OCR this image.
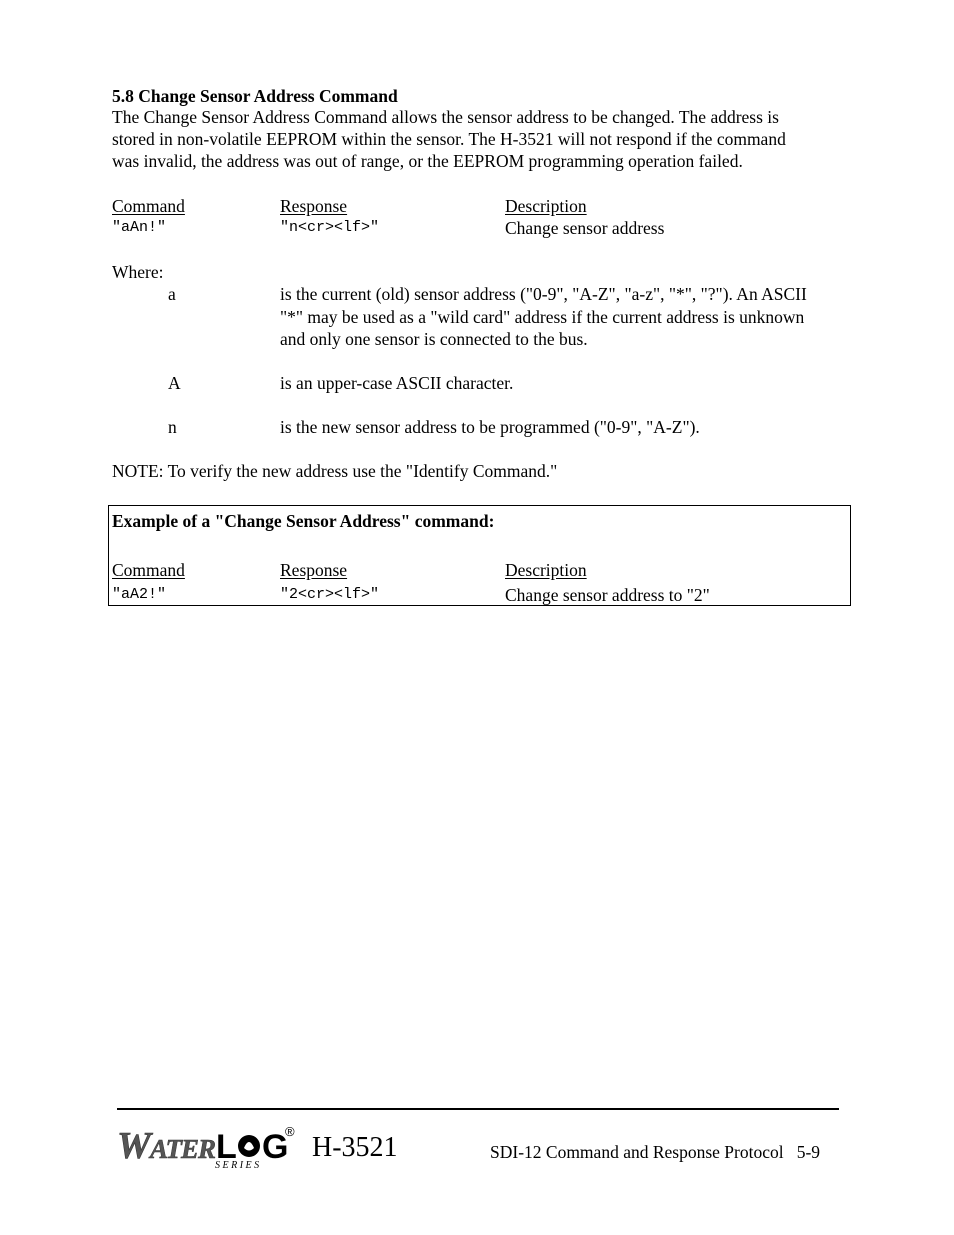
5.8 Change Sensor Address Command
The Change Sensor Address Command allows the sensor address to be changed. The address is
stored in non-volatile EEPROM within the sensor. The H-3521 will not respond if the command
was invalid, the address was out of range, or the EEPROM programming operation failed.
Command	Response	Description
"aAn!"	"n<cr><lf>"	Change sensor address
Where:
a	is the current (old) sensor address ("0-9", "A-Z", "a-z", "*", "?"). An ASCII
"*" may be used as a "wild card" address if the current address is unknown
and only one sensor is connected to the bus.
A	is an upper-case ASCII character.
n	is the new sensor address to be programmed ("0-9", "A-Z").
NOTE: To verify the new address use the "Identify Command."
Example of a "Change Sensor Address" command:
Command	Response	Description
"aA2!"	"2<cr><lf>"	Change sensor address to "2"
W ATER L G
®
S E R I E S
H-3521	SDI-12 Command and Response Protocol   5-9
